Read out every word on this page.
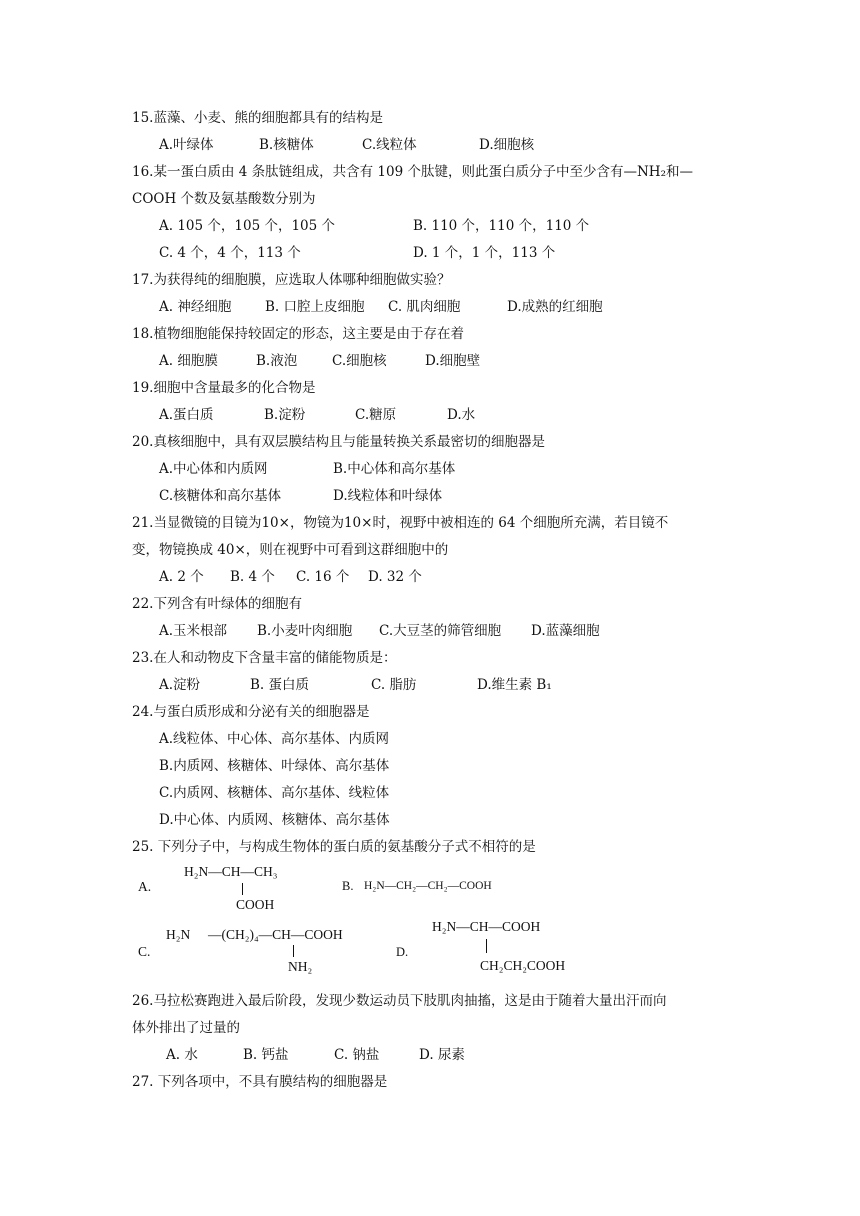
15.蓝藻、小麦、熊的细胞都具有的结构是
A.叶绿体	B.核糖体	C.线粒体	D.细胞核
16.某一蛋白质由 4 条肽链组成，共含有 109 个肽键，则此蛋白质分子中至少含有—NH₂和—
COOH 个数及氨基酸数分别为
A. 105 个，105 个，105 个	B. 110 个，110 个，110 个
C. 4 个，4 个，113 个	D. 1 个，1 个，113 个
17.为获得纯的细胞膜，应选取人体哪种细胞做实验？
A. 神经细胞 B. 口腔上皮细胞 C. 肌肉细胞	D.成熟的红细胞
18.植物细胞能保持较固定的形态，这主要是由于存在着
A. 细胞膜	B.液泡	C.细胞核	D.细胞壁
19.细胞中含量最多的化合物是
A.蛋白质	B.淀粉	C.糖原	D.水
20.真核细胞中，具有双层膜结构且与能量转换关系最密切的细胞器是
A.中心体和内质网	B.中心体和高尔基体
C.核糖体和高尔基体	D.线粒体和叶绿体
21.当显微镜的目镜为10×，物镜为10×时，视野中被相连的 64 个细胞所充满，若目镜不
变，物镜换成 40×，则在视野中可看到这群细胞中的
A. 2 个 B. 4 个 C. 16 个 D. 32 个
22.下列含有叶绿体的细胞有
A.玉米根部 B.小麦叶肉细胞 C.大豆茎的筛管细胞 D.蓝藻细胞
23.在人和动物皮下含量丰富的储能物质是：
A.淀粉	B. 蛋白质	C. 脂肪	D.维生素 B₁
24.与蛋白质形成和分泌有关的细胞器是
A.线粒体、中心体、高尔基体、内质网
B.内质网、核糖体、叶绿体、高尔基体
C.内质网、核糖体、高尔基体、线粒体
D.中心体、内质网、核糖体、高尔基体
25. 下列分子中，与构成生物体的蛋白质的氨基酸分子式不相符的是
A.
H₂N—CH—CH₃
COOH
B. H₂N—CH₂—CH₂—COOH
H₂N
C.
—(CH₂)₄—CH—COOH
NH₂
D.
H₂N—CH—COOH
CH₂CH₂COOH
26.马拉松赛跑进入最后阶段，发现少数运动员下肢肌肉抽搐，这是由于随着大量出汗而向
体外排出了过量的
A. 水	B. 钙盐	C. 钠盐	D. 尿素
27. 下列各项中，不具有膜结构的细胞器是
